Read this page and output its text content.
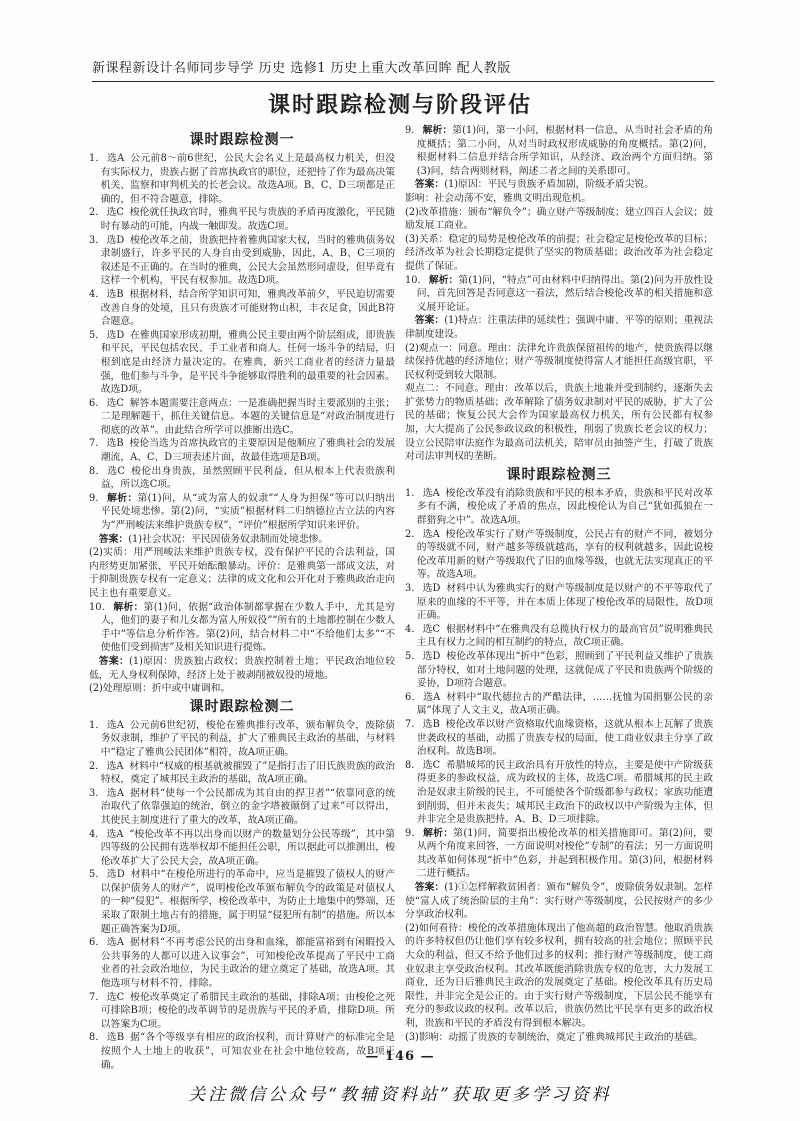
新课程新设计名师同步导学 历史 选修1 历史上重大改革回眸 配人教版
课时跟踪检测与阶段评估
课时跟踪检测一

1．选A 公元前8～前6世纪，公民大会名义上是最高权力机关，但没有实际权力，贵族占据了首席执政官的职位，还把持了作为最高决策机关、监察和审判机关的长老会议。故选A项。B、C、D三项都是正确的，但不符合题意，排除。

2．选C 梭伦就任执政官时，雅典平民与贵族的矛盾再度激化，平民随时有暴动的可能，内战一触即发。故选C项。

3．选D 梭伦改革之前，贵族把持着雅典国家大权，当时的雅典债务奴隶制盛行，许多平民的人身自由受到威胁，因此，A、B、C三项的叙述是不正确的。在当时的雅典，公民大会虽然形同虚设，但毕竟有这样一个机构，平民有权参加。故选D项。

4．选B 根据材料，结合所学知识可知，雅典改革前夕，平民迫切需要改善自身的处境，且只有贵族才可能财物山积，丰衣足食，因此B符合题意。

5．选D 在雅典国家形成初期，雅典公民主要由两个阶层组成，即贵族和平民，平民包括农民、手工业者和商人。任何一场斗争的结局，归根到底是由经济力量决定的。在雅典，新兴工商业者的经济力量最强，他们参与斗争，是平民斗争能够取得胜利的最重要的社会因素。故选D项。

6．选C 解答本题需要注意两点：一是准确把握当时主要派别的主张；二是理解题干，抓住关键信息。本题的关键信息是“对政治制度进行彻底的改革”。由此结合所学可以推断出选C。

7．选B 梭伦当选为首席执政官的主要原因是他顺应了雅典社会的发展潮流，A、C、D三项表述片面，故最佳选项是B项。

8．选C 梭伦出身贵族，虽然照顾平民利益，但从根本上代表贵族利益，所以选C项。

9．解析：第(1)问，从“或为富人的奴隶”“人身为担保”等可以归纳出平民处境悲惨。第(2)问，“实质”根据材料二归纳德拉古立法的内容为“严刑峻法来维护贵族专权”，“评价”根据所学知识来评价。

答案：(1)社会状况：平民因债务奴隶制而处境悲惨。

(2)实质：用严刑峻法来维护贵族专权，没有保护平民的合法利益，国内形势更加紧张，平民开始酝酿暴动。评价：是雅典第一部成文法，对于抑制贵族专权有一定意义；法律的成文化和公开化对于雅典政治走向民主也有重要意义。

10．解析：第(1)问，依据“政治体制都掌握在少数人手中，尤其是穷人，他们的妻子和儿女都为富人所奴役”“所有的土地都控制在少数人手中”等信息分析作答。第(2)问，结合材料二中“不给他们太多”“不使他们受到损害”及相关知识进行提炼。

答案：(1)原因：贵族独占政权；贵族控制着土地；平民政治地位较低，无人身权利保障，经济上处于被剥削被奴役的境地。

(2)处理原则：折中或中庸调和。

课时跟踪检测二

1．选A 公元前6世纪初，梭伦在雅典推行改革，颁布解负令，废除债务奴隶制，维护了平民的利益，扩大了雅典民主政治的基础，与材料中“稳定了雅典公民团体”相符，故A项正确。

2．选A 材料中“权威的根基就被摧毁了”是指打击了旧氏族贵族的政治特权，奠定了城邦民主政治的基础，故A项正确。

3．选A 据材料“使每一个公民都成为其自由的捍卫者”“依靠同意的统治取代了依靠强迫的统治，倒立的金字塔被颠倒了过来”可以得出，其使民主制度进行了重大的改革，故A项正确。

4．选A “梭伦改革不再以出身而以财产的数量划分公民等级”，其中第四等级的公民拥有选举权却不能担任公职，所以据此可以推测出，梭伦改革扩大了公民大会，故A项正确。

5．选D 材料中“在梭伦所进行的革命中，应当是摧毁了债权人的财产以保护债务人的财产”，说明梭伦改革颁布解负令的政策是对债权人的一种“侵犯”。根据所学，梭伦改革中，为防止土地集中的弊端，还采取了限制土地占有的措施，属于明显“侵犯所有制”的措施。所以本题正确答案为D项。

6．选A 据材料“不再考虑公民的出身和血缘，都能富裕到有闲暇投入公共事务的人都可以进入议事会”，可知梭伦改革提高了平民中工商业者的社会政治地位，为民主政治的建立奠定了基础，故选A项。其他选项与材料不符，排除。

7．选C 梭伦改革奠定了希腊民主政治的基础，排除A项；由梭伦之死可排除B项；梭伦的改革调节的是贵族与平民的矛盾，排除D项。所以答案为C项。

8．选B 据“各个等级享有相应的政治权利，而计算财产的标准完全是按照个人土地上的收获”，可知农业在社会中地位较高，故B项正确。

9．解析：第(1)问，第一小问，根据材料一信息，从当时社会矛盾的角度概括；第二小问，从对当时政权形成威胁的角度概括。第(2)问，根据材料二信息并结合所学知识，从经济、政治两个方面归纳。第(3)问，结合两则材料，阐述二者之间的关系即可。

答案：(1)原因：平民与贵族矛盾加剧，阶级矛盾尖锐。

影响：社会动荡不安，雅典文明出现危机。

(2)改革措施：颁布“解负令”；确立财产等级制度；建立四百人会议；鼓励发展工商业。

(3)关系：稳定的局势是梭伦改革的前提；社会稳定是梭伦改革的目标；经济改革为社会长期稳定提供了坚实的物质基础；政治改革为社会稳定提供了保证。

10．解析：第(1)问，“特点”可由材料中归纳得出。第(2)问为开放性设问，首先回答是否同意这一看法，然后结合梭伦改革的相关措施和意义展开论证。

答案：(1)特点：注重法律的延续性；强调中庸、平等的原则；重视法律制度建设。

(2)观点一：同意。理由：法律允许贵族保留祖传的地产，使贵族得以继续保持优越的经济地位；财产等级制度使得富人才能担任高级官职，平民权利受到较大限制。

观点二：不同意。理由：改革以后，贵族土地兼并受到制约，逐渐失去扩张势力的物质基础；改革解除了债务奴隶制对平民的威胁，扩大了公民的基础；恢复公民大会作为国家最高权力机关，所有公民都有权参加，大大提高了公民参政议政的积极性，削弱了贵族长老会议的权力；设立公民陪审法庭作为最高司法机关，陪审员由抽签产生，打破了贵族对司法审判权的垄断。

课时跟踪检测三

1．选A 梭伦改革没有消除贵族和平民的根本矛盾，贵族和平民对改革多有不满，梭伦成了矛盾的焦点，因此梭伦认为自己“犹如孤狼在一群猎狗之中”。故选A项。

2．选A 梭伦改革实行了财产等级制度，公民占有的财产不同，被划分的等级就不同，财产越多等级就越高，享有的权利就越多，因此说梭伦改革用新的财产等级取代了旧的血缘等级，也就无法实现真正的平等。故选A项。

3．选D 材料中认为雅典实行的财产等级制度是以财产的不平等取代了原来的血缘的不平等，并在本质上体现了梭伦改革的局限性，故D项正确。

4．选C 根据材料中“在雅典没有总揽执行权力的最高官员”说明雅典民主具有权力之间的相互制约的特点，故C项正确。

5．选D 梭伦改革体现出“折中”色彩，照顾到了平民利益又维护了贵族部分特权，如对土地问题的处理，这就促成了平民和贵族两个阶级的妥协，D项符合题意。

6．选A 材料中“取代德拉古的严酷法律，……抚恤为国捐躯公民的亲属”体现了人文主义，故A项正确。

7．选B 梭伦改革以财产资格取代血缘资格，这就从根本上瓦解了贵族世袭政权的基础，动摇了贵族专权的局面，使工商业奴隶主分享了政治权利。故选B项。

8．选C 希腊城邦的民主政治具有开放性的特点，主要是使中产阶级获得更多的参政权益，成为政权的主体，故选C项。希腊城邦的民主政治是奴隶主阶级的民主，不可能使各个阶级都参与政权；家族功能遭到削弱，但并未丧失；城邦民主政治下的政权以中产阶级为主体，但并非完全是贵族把持。A、B、D三项排除。

9．解析：第(1)问，简要指出梭伦改革的相关措施即可。第(2)问，要从两个角度来回答，一方面说明对梭伦“专制”的看法；另一方面说明其改革如何体现“折中”色彩，并起到积极作用。第(3)问，根据材料二进行概括。

答案：(1)①怎样解救贫困者：颁布“解负令”，废除债务奴隶制。怎样使“富人成了统治阶层的主角”：实行财产等级制度，公民按财产的多少分享政治权利。

(2)如何看待：梭伦的改革措施体现出了他高超的政治智慧。他取消贵族的许多特权但仍让他们享有较多权利，拥有较高的社会地位；照顾平民大众的利益，但又不给予他们过多的权利；推行财产等级制度，使工商业奴隶主享受政治权利。其改革既能消除贵族专权的危害，大力发展工商业，还为日后雅典民主政治的发展奠定了基础。梭伦改革具有历史局限性，并非完全是公正的。由于实行财产等级制度，下层公民不能享有充分的参政议政的权利。改革以后，贵族仍然比平民享有更多的政治权利，贵族和平民的矛盾没有得到根本解决。

(3)影响：动摇了贵族的专制统治，奠定了雅典城邦民主政治的基础。

— 146 —
关注微信公众号“教辅资料站”获取更多学习资料
